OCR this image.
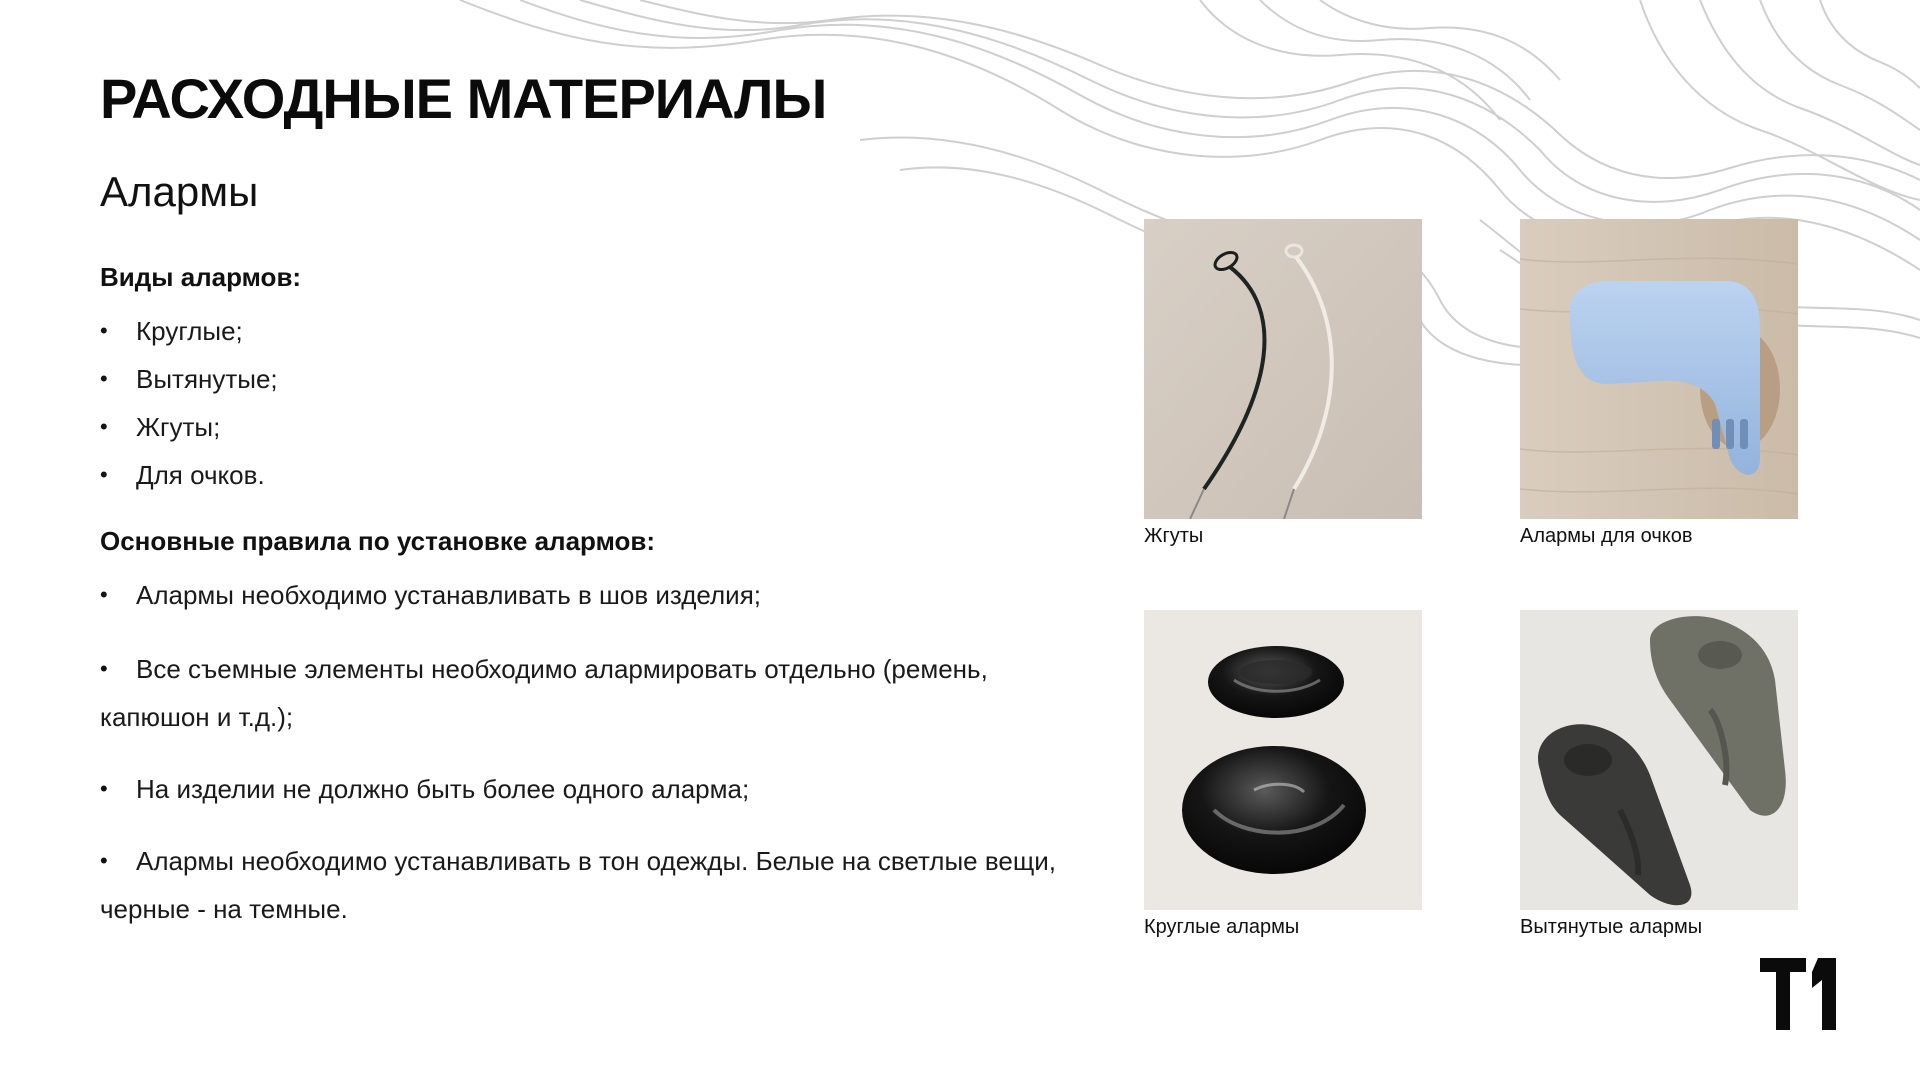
РАСХОДНЫЕ МАТЕРИАЛЫ
Алармы

Виды алармов:

• Круглые;
• Вытянутые;
• Жгуты;
• Для очков.

Основные правила по установке алармов:

• Алармы необходимо устанавливать в шов изделия;
• Все съемные элементы необходимо алармировать отдельно (ремень, капюшон и т.д.);
• На изделии не должно быть более одного аларма;
• Алармы необходимо устанавливать в тон одежды. Белые на светлые вещи, черные - на темные.
Жгуты	Алармы для очков
Круглые алармы	Вытянутые алармы
